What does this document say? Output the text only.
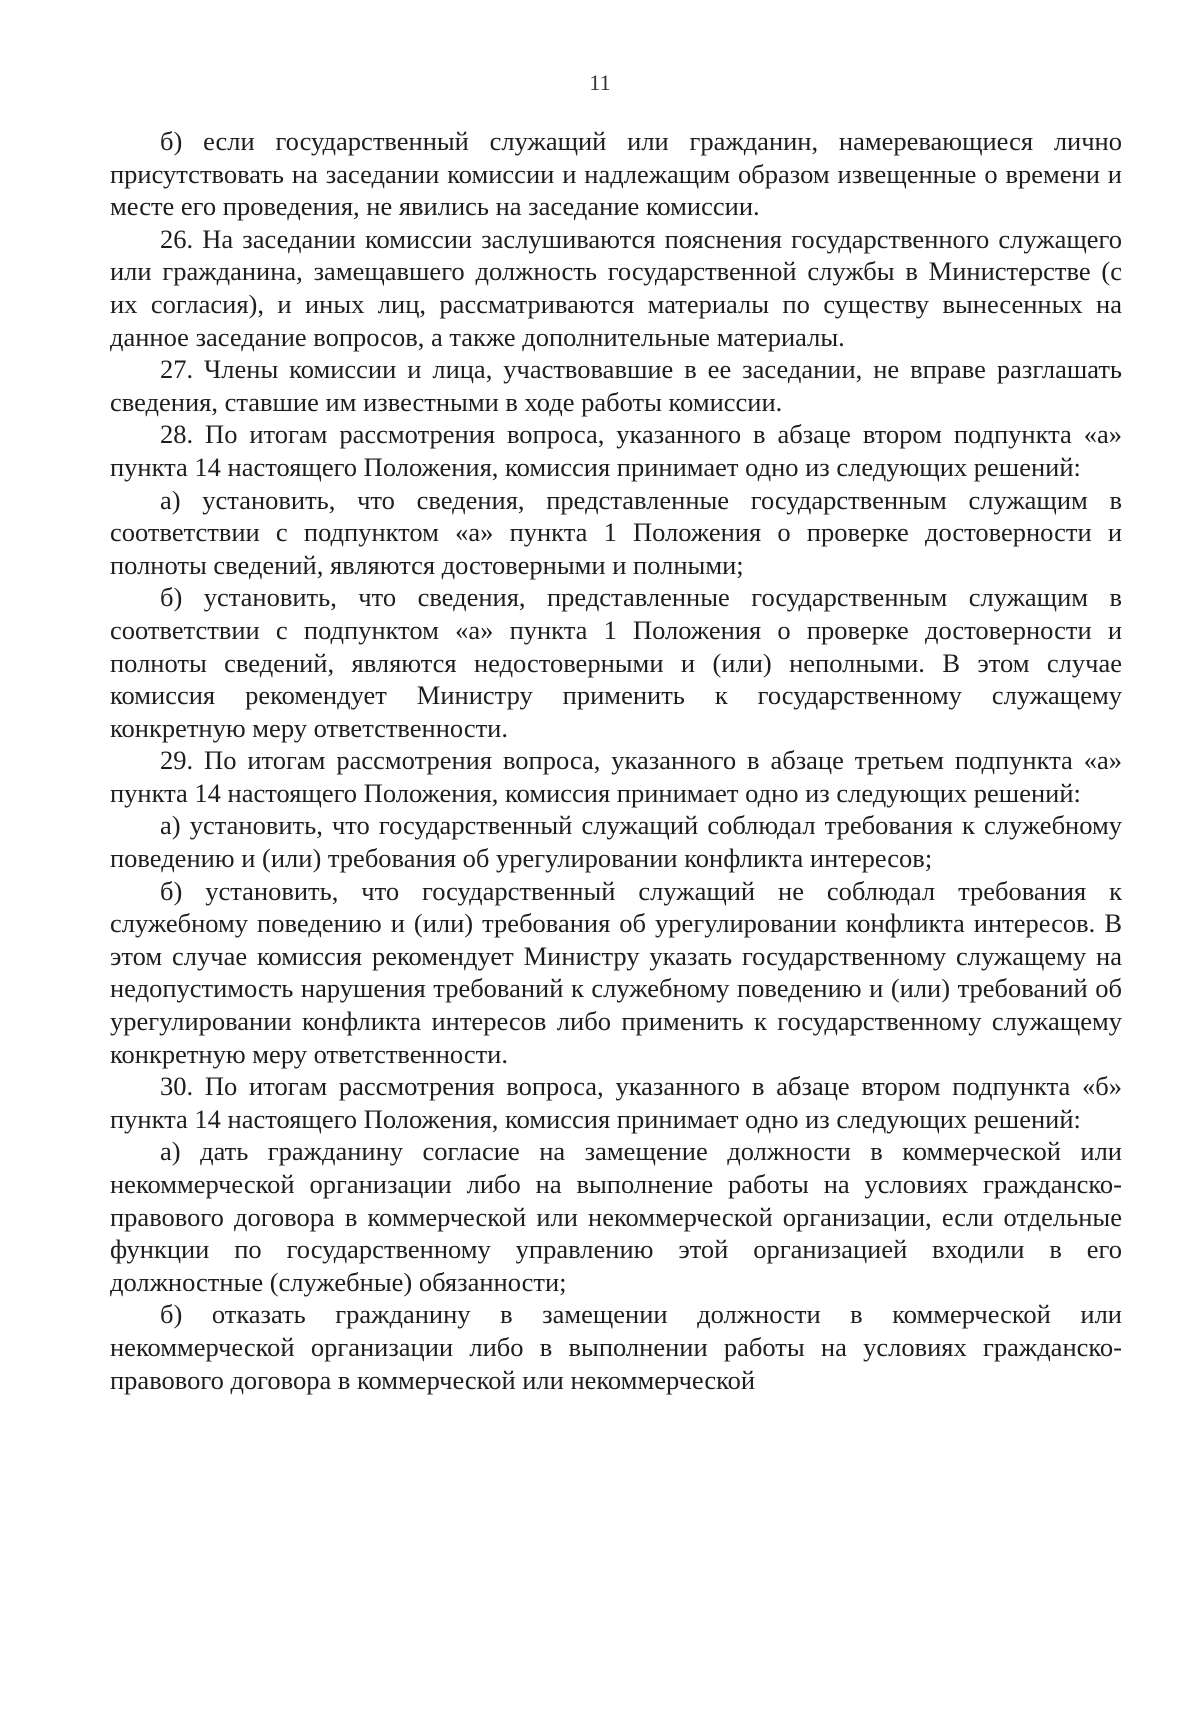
11

б) если государственный служащий или гражданин, намеревающиеся лично присутствовать на заседании комиссии и надлежащим образом извещенные о времени и месте его проведения, не явились на заседание комиссии.

26. На заседании комиссии заслушиваются пояснения государственного служащего или гражданина, замещавшего должность государственной службы в Министерстве (с их согласия), и иных лиц, рассматриваются материалы по существу вынесенных на данное заседание вопросов, а также дополнительные материалы.

27. Члены комиссии и лица, участвовавшие в ее заседании, не вправе разглашать сведения, ставшие им известными в ходе работы комиссии.

28. По итогам рассмотрения вопроса, указанного в абзаце втором подпункта «а» пункта 14 настоящего Положения, комиссия принимает одно из следующих решений:

а) установить, что сведения, представленные государственным служащим в соответствии с подпунктом «а» пункта 1 Положения о проверке достоверности и полноты сведений, являются достоверными и полными;

б) установить, что сведения, представленные государственным служащим в соответствии с подпунктом «а» пункта 1 Положения о проверке достоверности и полноты сведений, являются недостоверными и (или) неполными. В этом случае комиссия рекомендует Министру применить к государственному служащему конкретную меру ответственности.

29. По итогам рассмотрения вопроса, указанного в абзаце третьем подпункта «а» пункта 14 настоящего Положения, комиссия принимает одно из следующих решений:

а) установить, что государственный служащий соблюдал требования к служебному поведению и (или) требования об урегулировании конфликта интересов;

б) установить, что государственный служащий не соблюдал требования к служебному поведению и (или) требования об урегулировании конфликта интересов. В этом случае комиссия рекомендует Министру указать государственному служащему на недопустимость нарушения требований к служебному поведению и (или) требований об урегулировании конфликта интересов либо применить к государственному служащему конкретную меру ответственности.

30. По итогам рассмотрения вопроса, указанного в абзаце втором подпункта «б» пункта 14 настоящего Положения, комиссия принимает одно из следующих решений:

а) дать гражданину согласие на замещение должности в коммерческой или некоммерческой организации либо на выполнение работы на условиях гражданско-правового договора в коммерческой или некоммерческой организации, если отдельные функции по государственному управлению этой организацией входили в его должностные (служебные) обязанности;

б) отказать гражданину в замещении должности в коммерческой или некоммерческой организации либо в выполнении работы на условиях гражданско-правового договора в коммерческой или некоммерческой
